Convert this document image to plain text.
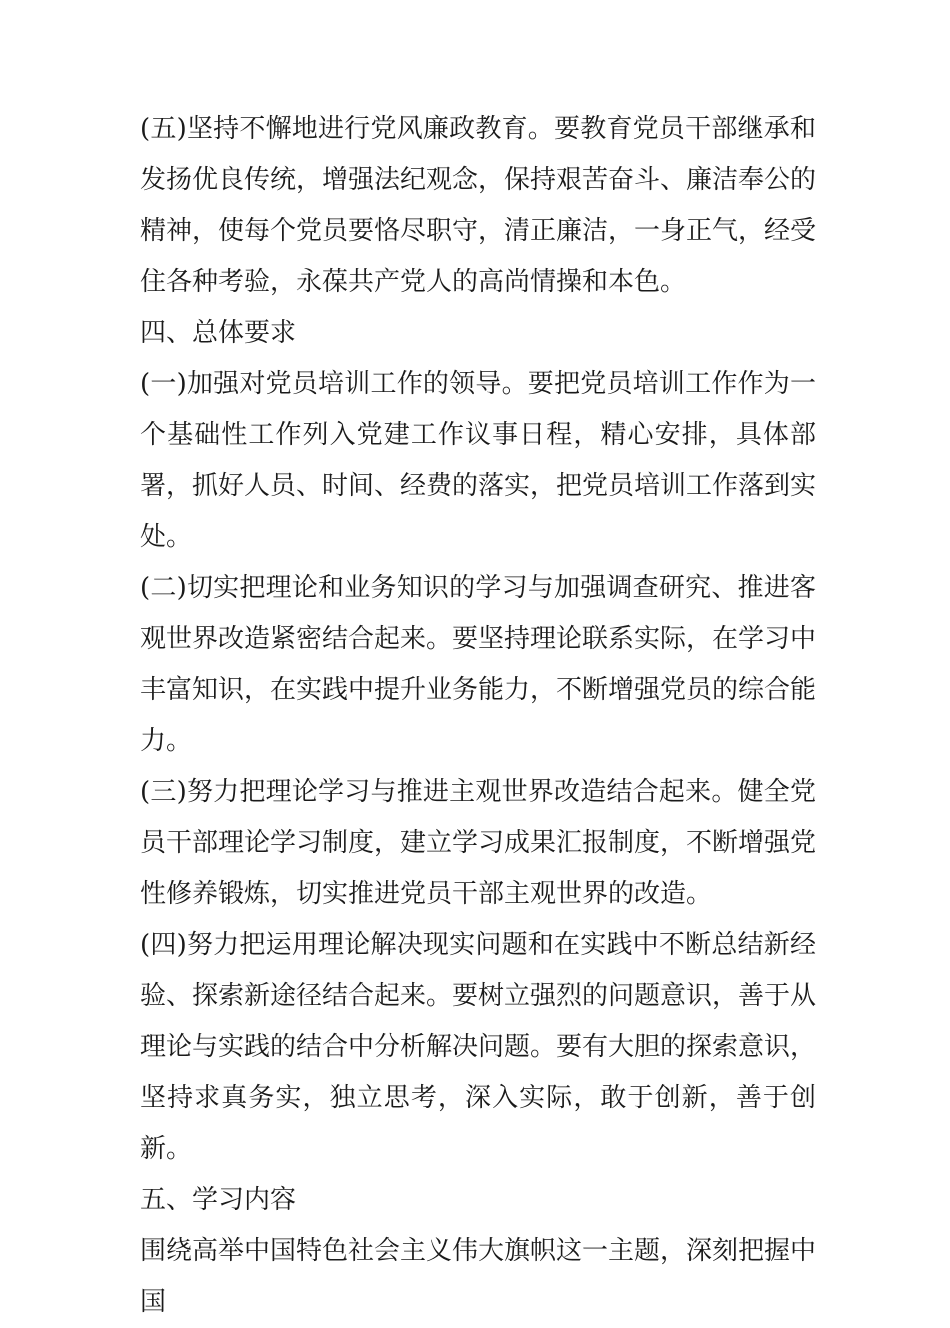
(五)坚持不懈地进行党风廉政教育。要教育党员干部继承和发扬优良传统，增强法纪观念，保持艰苦奋斗、廉洁奉公的精神，使每个党员要恪尽职守，清正廉洁，一身正气，经受住各种考验，永葆共产党人的高尚情操和本色。

四、总体要求

(一)加强对党员培训工作的领导。要把党员培训工作作为一个基础性工作列入党建工作议事日程，精心安排，具体部署，抓好人员、时间、经费的落实，把党员培训工作落到实处。

(二)切实把理论和业务知识的学习与加强调查研究、推进客观世界改造紧密结合起来。要坚持理论联系实际，在学习中丰富知识，在实践中提升业务能力，不断增强党员的综合能力。

(三)努力把理论学习与推进主观世界改造结合起来。健全党员干部理论学习制度，建立学习成果汇报制度，不断增强党性修养锻炼，切实推进党员干部主观世界的改造。

(四)努力把运用理论解决现实问题和在实践中不断总结新经验、探索新途径结合起来。要树立强烈的问题意识，善于从理论与实践的结合中分析解决问题。要有大胆的探索意识，坚持求真务实，独立思考，深入实际，敢于创新，善于创新。

五、学习内容

围绕高举中国特色社会主义伟大旗帜这一主题，深刻把握中国
